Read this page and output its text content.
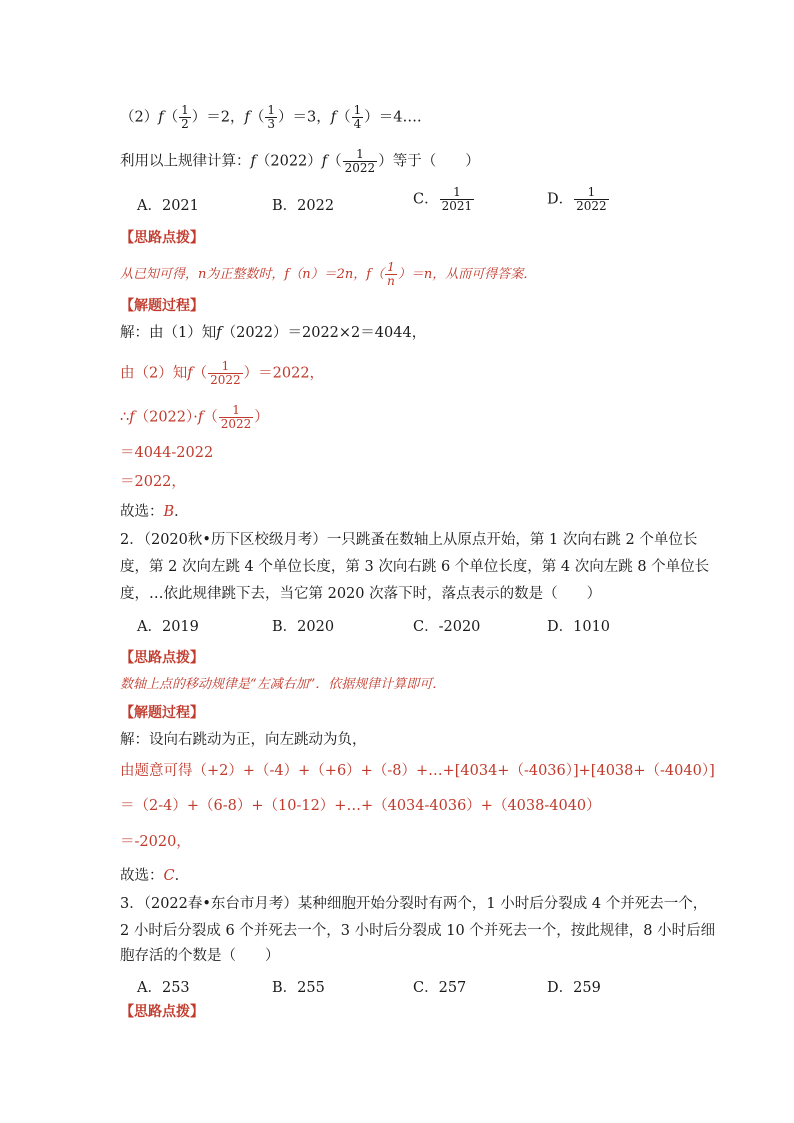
$(2)f( \frac{1}{2} )=2$，$f( \frac{1}{3} )=3$，$f( \frac{1}{4}$ ）＝4….
利用以上规律计算：$f(2022)f( \frac{1}{2022}$ ）等于（　　）
A．2021	B．2022	C． $\frac{1}{2021}$	D． $\frac{1}{2022}$
【思路点拨】
从已知可得，n为正整数时，f（n）＝2n，$f( \frac{1}{n} )=n$，从而可得答案．
【解题过程】
解：由（1）知f（2022）＝2022×2＝4044，
由（2）知$f( \frac{1}{2022} )=2022$，
∴f（2022）·f（ $\frac{1}{2022}$ ）
＝4044-2022
＝2022，
故选：B．
2．（2020秋•历下区校级月考）一只跳蚤在数轴上从原点开始，第 1 次向右跳 2 个单位长
度，第 2 次向左跳 4 个单位长度，第 3 次向右跳 6 个单位长度，第 4 次向左跳 8 个单位长
度，…依此规律跳下去，当它第 2020 次落下时，落点表示的数是（　　）
A．2019	B．2020	C．-2020	D．1010
【思路点拨】
数轴上点的移动规律是“左减右加”．依据规律计算即可．
【解题过程】
解：设向右跳动为正，向左跳动为负，
由题意可得（+2）+（-4）+（+6）+（-8）+…+[4034+（-4036）]+[4038+（-4040）]
＝（2-4）+（6-8）+（10-12）+…+（4034-4036）+（4038-4040）
＝-2020，
故选：C．
3．（2022春•东台市月考）某种细胞开始分裂时有两个，1 小时后分裂成 4 个并死去一个，
2 小时后分裂成 6 个并死去一个，3 小时后分裂成 10 个并死去一个，按此规律，8 小时后细
胞存活的个数是（　　）
A．253	B．255	C．257	D．259
【思路点拨】
